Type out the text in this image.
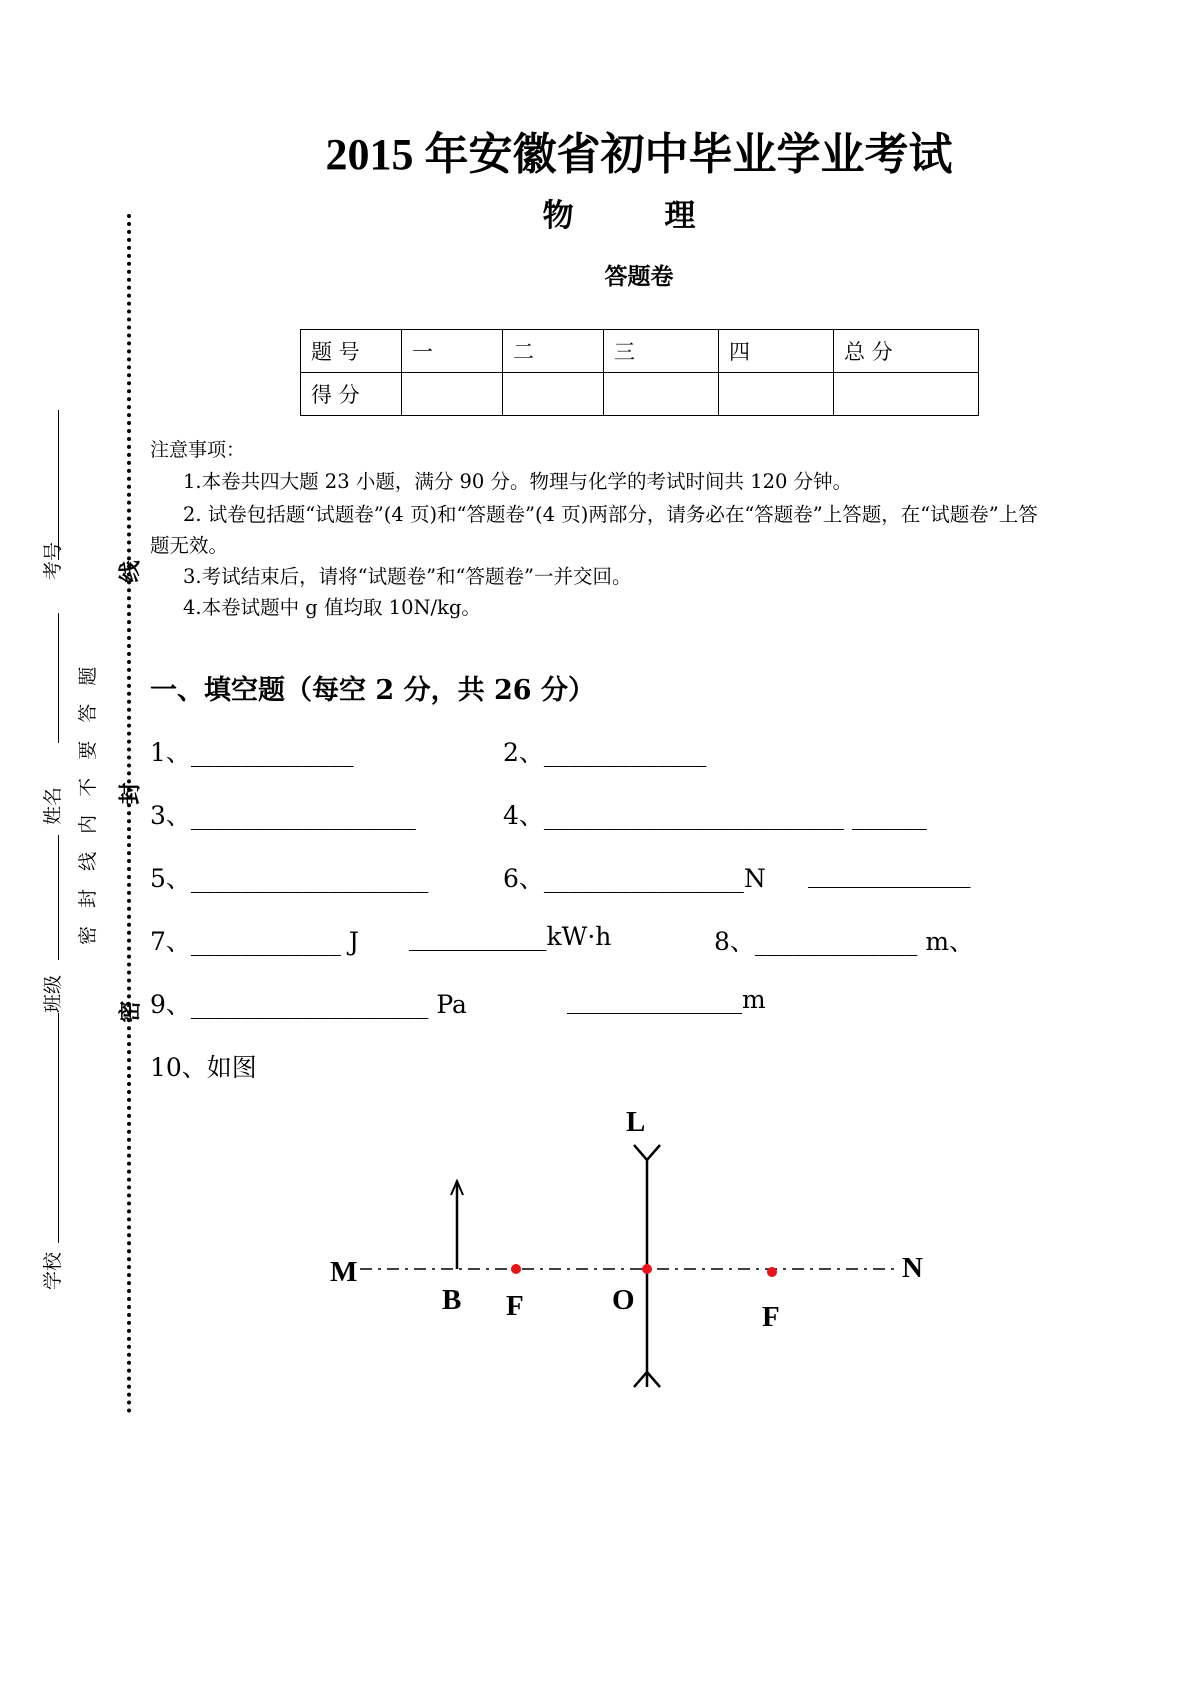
2015 年安徽省初中毕业学业考试
物 理
答题卷
题 号	一	二	三	四	总 分
得 分					
注意事项：
1.本卷共四大题 23 小题，满分 90 分。物理与化学的考试时间共 120 分钟。
2. 试卷包括题“试题卷”(4 页)和“答题卷”(4 页)两部分，请务必在“答题卷”上答题，在“试题卷”上答
题无效。
3.考试结束后，请将“试题卷”和“答题卷”一并交回。
4.本卷试题中 g 值均取 10N/kg。
一、填空题（每空 2 分，共 26 分）
1、_____________	2、_____________
3、__________________	4、________________________ ______
5、___________________	6、________________N _____________
7、____________ J ___________kW·h	8、_____________ m、
9、___________________ Pa	______________m
10、如图
L
M	N
B F	O
F
考号
姓名
班级
学校
密 封 线 内 不 要 答 题
线
封
密
